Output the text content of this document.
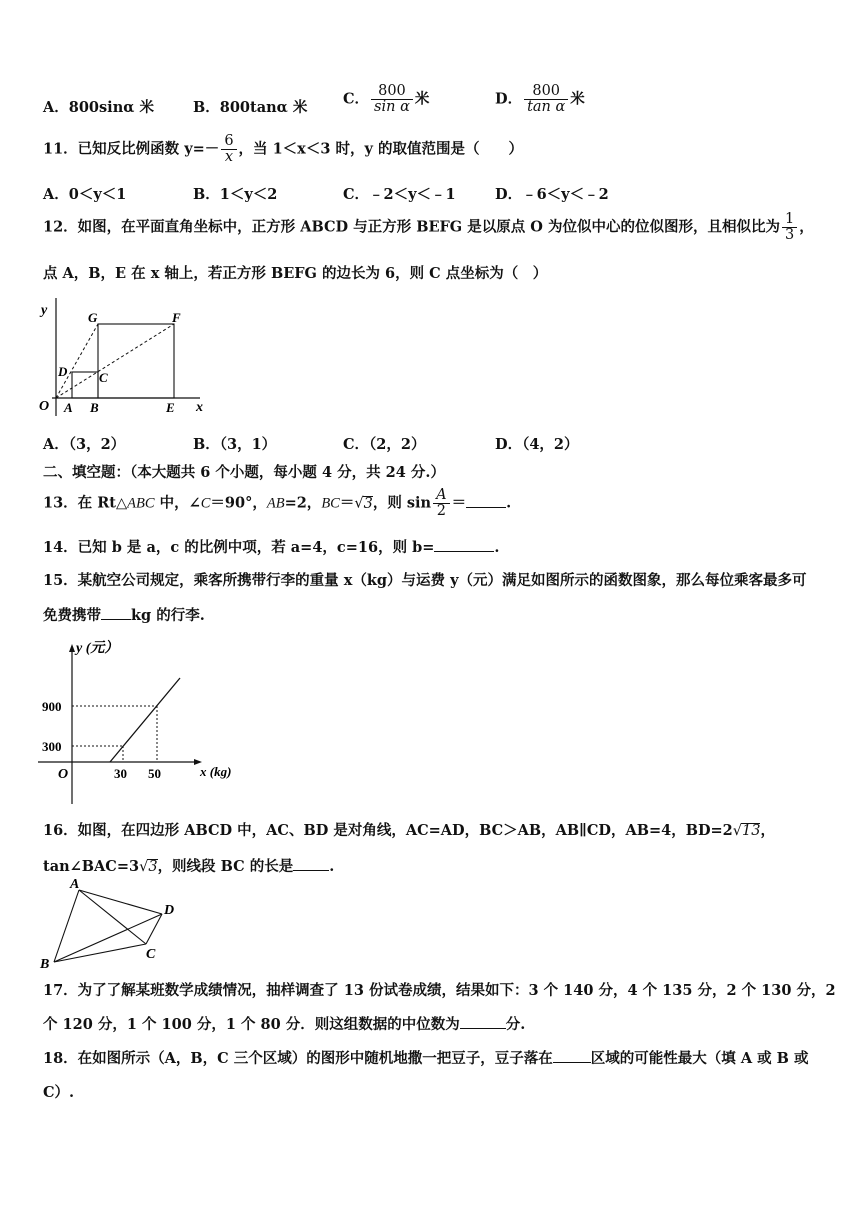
A．800sinα 米	B．800tanα 米 C． $\frac{800}{\text{sin α}}$ 米	D． $\frac{800}{\text{tan α}}$ 米
11．已知反比例函数 $y=- \frac{6}{x}$ ，当 1＜x＜3 时，y 的取值范围是（　　）
A．0＜y＜1	B．1＜y＜2	C．﹣2＜y＜﹣1	D．﹣6＜y＜﹣2
12．如图，在平面直角坐标中，正方形 ABCD 与正方形 BEFG 是以原点 O 为位似中心的位似图形，且相似比为 $\frac{1}{3}$ ，
点 A，B，E 在 x 轴上，若正方形 BEFG 的边长为 6，则 C 点坐标为（　）
y
x
O A B	E
D C
G	F
A．（3，2）	B．（3，1）	C．（2，2）	D．（4，2）
二、填空题：（本大题共 6 个小题，每小题 4 分，共 24 分.）
13．在 Rt△ABC 中，∠C＝90°，AB=2，BC＝√3，则 $\sin \frac{A}{2}$ ＝	.
14．已知 b 是 a，c 的比例中项，若 a=4，c=16，则 b=	.
15．某航空公司规定，乘客所携带行李的重量 x（kg）与运费 y（元）满足如图所示的函数图象，那么每位乘客最多可
免费携带 kg 的行李.
y (元）
x (kg)
O
900
300
30 50
16．如图，在四边形 ABCD 中，AC、BD 是对角线，AC=AD，BC＞AB，AB∥CD，AB=4，BD=2√13，
tan∠BAC=3√3，则线段 BC 的长是 .
A
B
C
D
17．为了了解某班数学成绩情况，抽样调查了 13 份试卷成绩，结果如下：3 个 140 分，4 个 135 分，2 个 130 分，2
个 120 分，1 个 100 分，1 个 80 分．则这组数据的中位数为	分.
18．在如图所示（A，B，C 三个区域）的图形中随机地撒一把豆子，豆子落在	区域的可能性最大（填 A 或 B 或
C）.
